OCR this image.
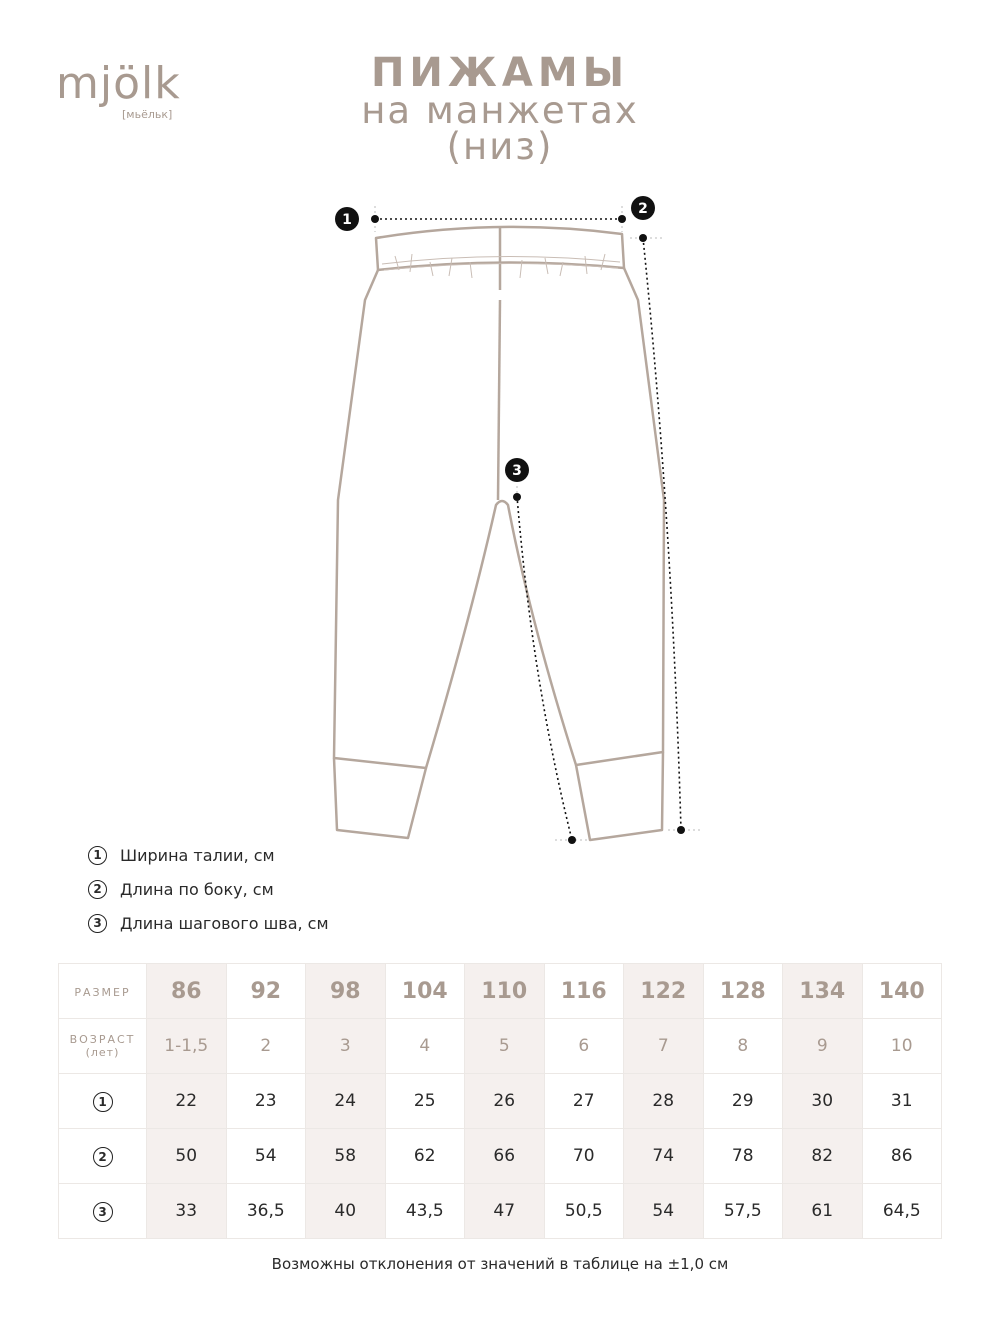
mjölk
[мьёльк]
ПИЖАМЫ
на манжетах
(низ)
1
2
3
1	Ширина талии, см
2	Длина по боку, см
3	Длина шагового шва, см
РАЗМЕР	86	92	98	104	110	116	122	128	134	140

ВОЗРАСТ
(лет)	1-1,5	2	3	4	5	6	7	8	9	10
1	22	23	24	25	26	27	28	29	30	31
2	50	54	58	62	66	70	74	78	82	86
3	33	36,5	40	43,5	47	50,5	54	57,5	61	64,5
Возможны отклонения от значений в таблице на ±1,0 см
